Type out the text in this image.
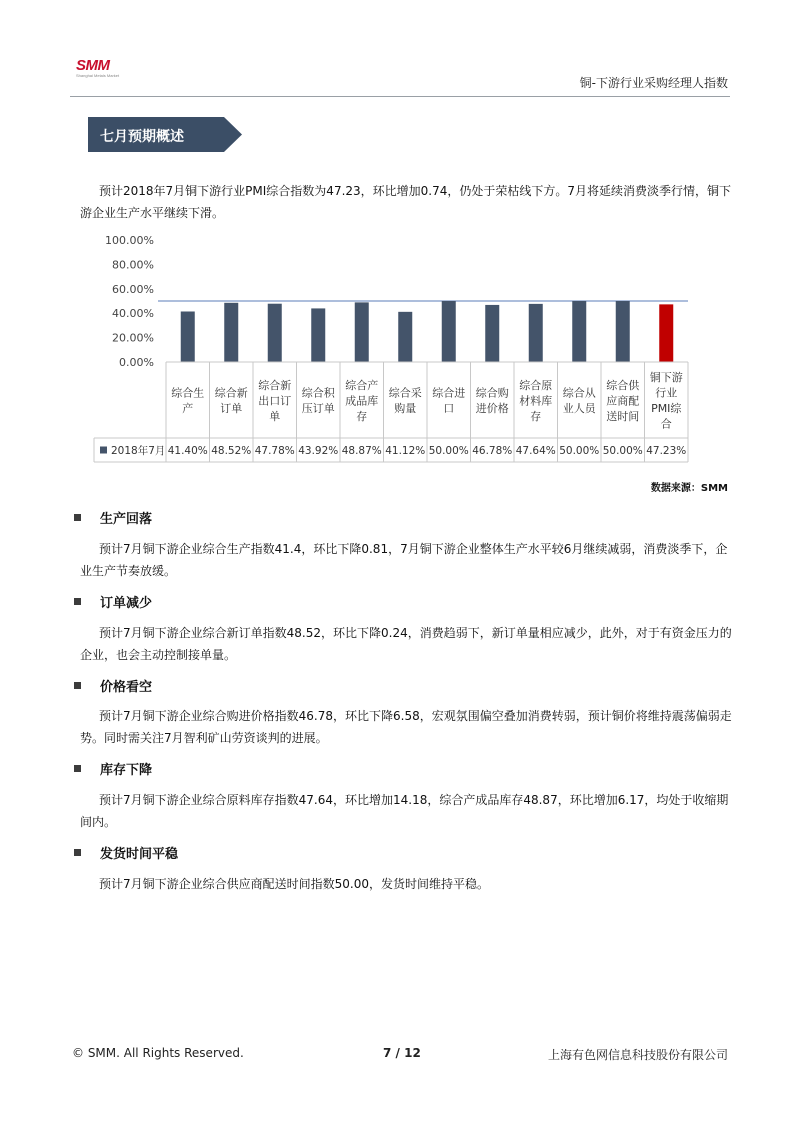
SMM
Shanghai Metals Market
铜-下游行业采购经理人指数
七月预期概述
预计2018年7月铜下游行业PMI综合指数为47.23，环比增加0.74，仍处于荣枯线下方。7月将延续消费淡季行情，铜下游企业生产水平继续下滑。
100.00%
80.00%
60.00%
40.00%
20.00%
0.00%
综合生
产
综合新
订单
综合新
出口订
单
综合积
压订单
综合产
成品库
存
综合采
购量
综合进
口
综合购
进价格
综合原
材料库
存
综合从
业人员
综合供
应商配
送时间
铜下游
行业
PMI综
合
2018年7月 41.40% 48.52% 47.78% 43.92% 48.87% 41.12% 50.00% 46.78% 47.64% 50.00% 50.00% 47.23%
数据来源：SMM
生产回落
预计7月铜下游企业综合生产指数41.4，环比下降0.81，7月铜下游企业整体生产水平较6月继续减弱，消费淡季下，企业生产节奏放缓。
订单减少
预计7月铜下游企业综合新订单指数48.52，环比下降0.24，消费趋弱下，新订单量相应减少，此外，对于有资金压力的企业，也会主动控制接单量。
价格看空
预计7月铜下游企业综合购进价格指数46.78，环比下降6.58，宏观氛围偏空叠加消费转弱，预计铜价将维持震荡偏弱走势。同时需关注7月智利矿山劳资谈判的进展。
库存下降
预计7月铜下游企业综合原料库存指数47.64，环比增加14.18，综合产成品库存48.87，环比增加6.17，均处于收缩期间内。
发货时间平稳
预计7月铜下游企业综合供应商配送时间指数50.00，发货时间维持平稳。
© SMM. All Rights Reserved.	7 / 12	上海有色网信息科技股份有限公司
